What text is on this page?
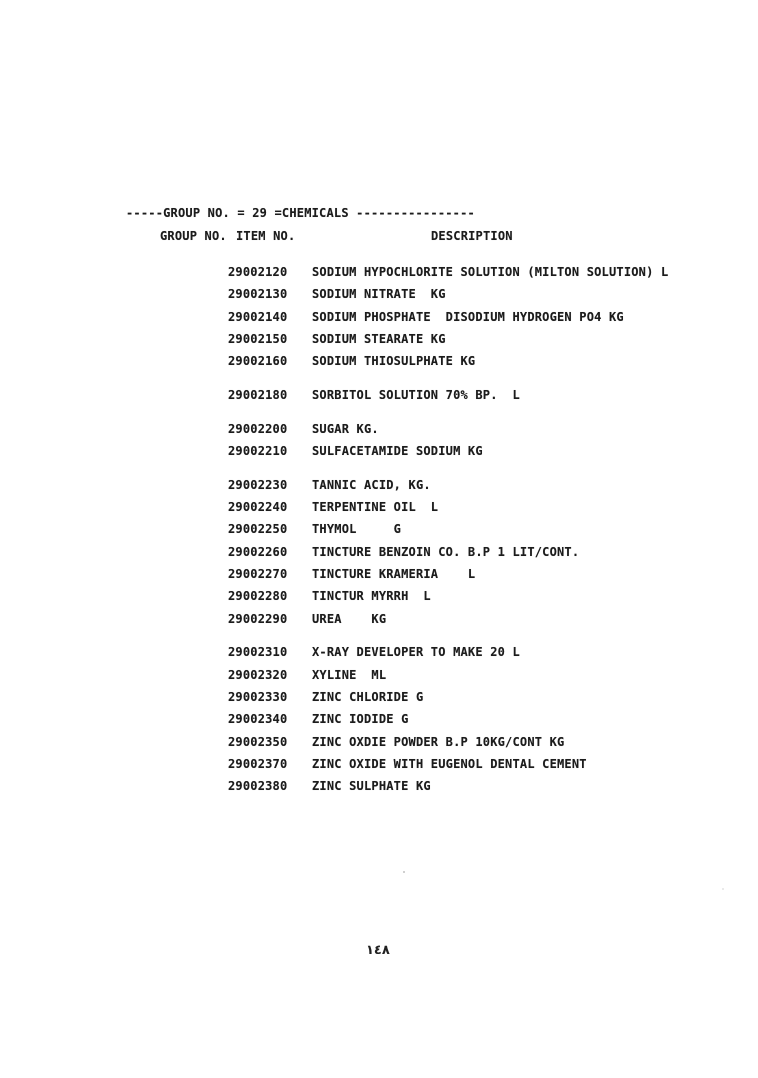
-----GROUP NO. = 29 =CHEMICALS ----------------
GROUP NO. ITEM NO.	DESCRIPTION
29002120 SODIUM HYPOCHLORITE SOLUTION (MILTON SOLUTION) L
29002130 SODIUM NITRATE  KG
29002140 SODIUM PHOSPHATE  DISODIUM HYDROGEN PO4 KG
29002150 SODIUM STEARATE KG
29002160 SODIUM THIOSULPHATE KG
29002180 SORBITOL SOLUTION 70% BP.  L
29002200 SUGAR KG.
29002210 SULFACETAMIDE SODIUM KG
29002230 TANNIC ACID, KG.
29002240 TERPENTINE OIL  L
29002250 THYMOL     G
29002260 TINCTURE BENZOIN CO. B.P 1 LIT/CONT.
29002270 TINCTURE KRAMERIA    L
29002280 TINCTUR MYRRH  L
29002290 UREA    KG
29002310 X-RAY DEVELOPER TO MAKE 20 L
29002320 XYLINE  ML
29002330 ZINC CHLORIDE G
29002340 ZINC IODIDE G
29002350 ZINC OXDIE POWDER B.P 10KG/CONT KG
29002370 ZINC OXIDE WITH EUGENOL DENTAL CEMENT
29002380 ZINC SULPHATE KG
١٤٨
